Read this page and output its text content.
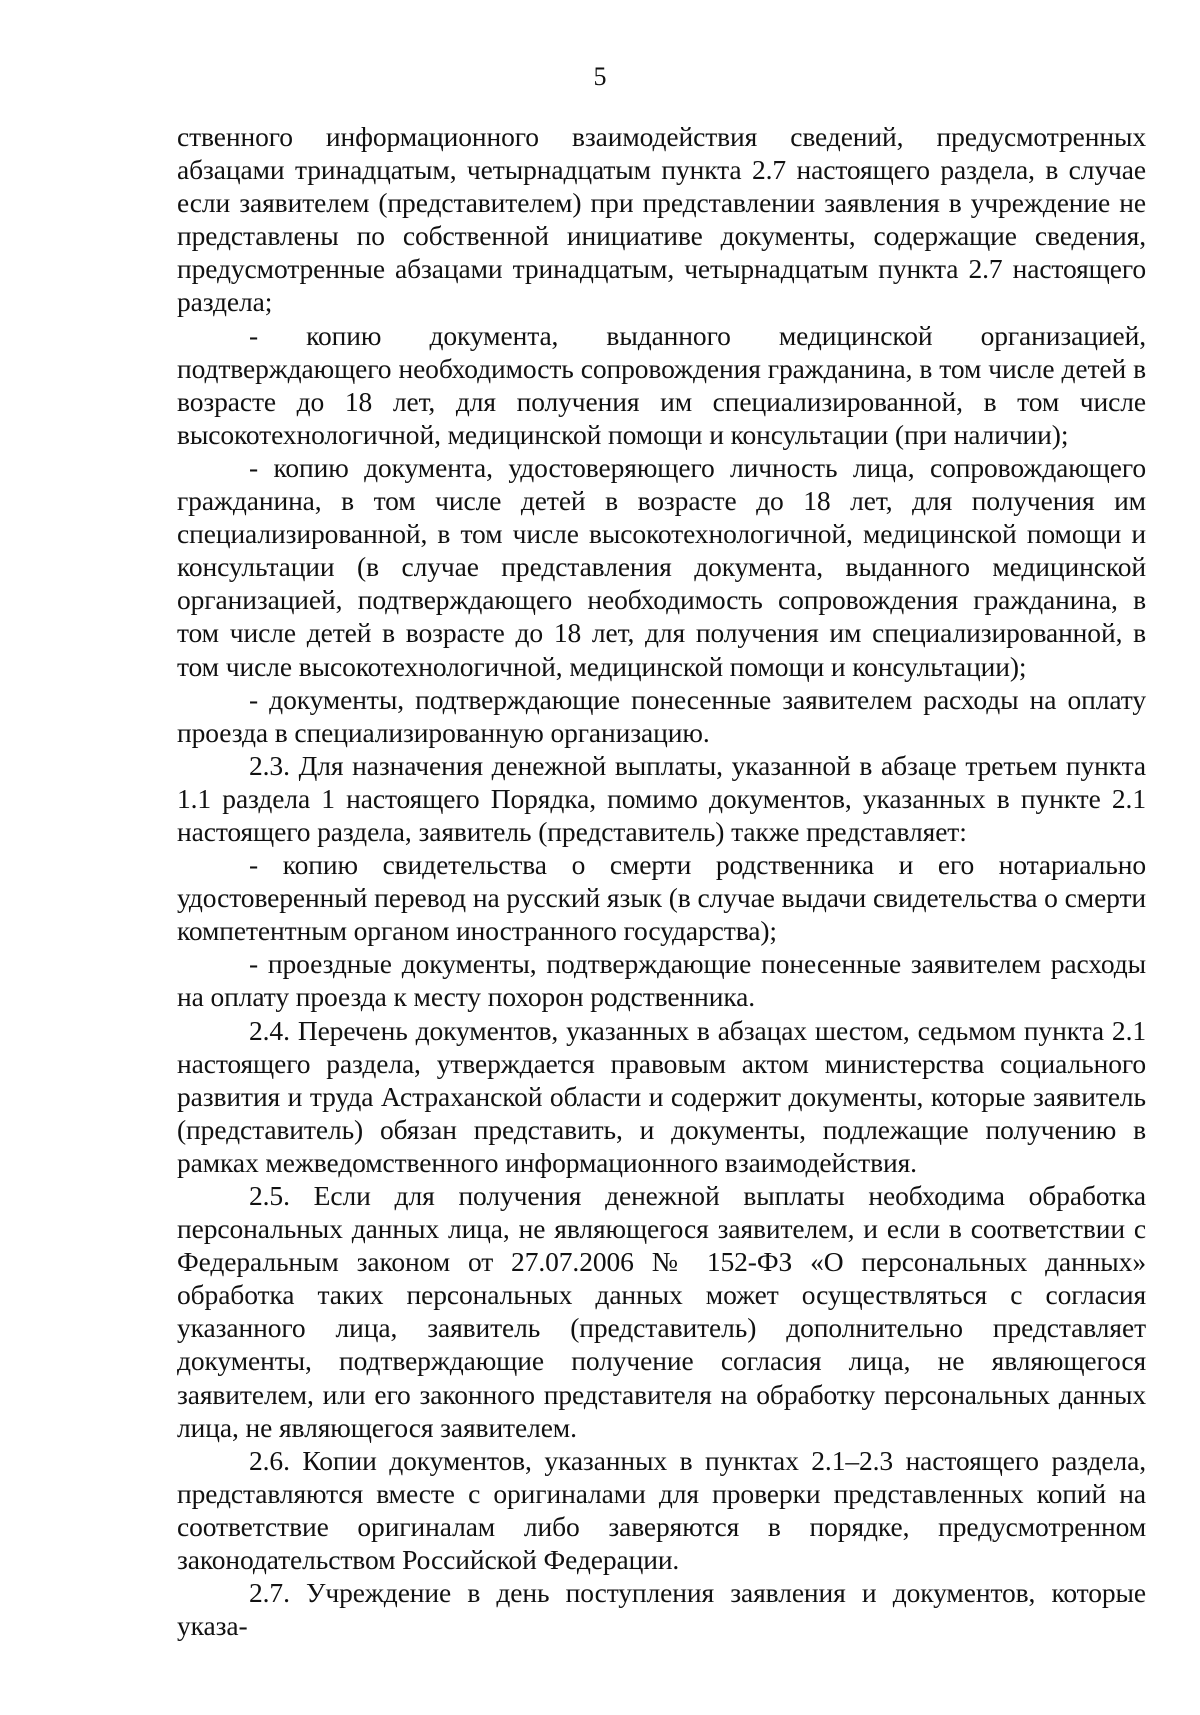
5

ственного информационного взаимодействия сведений, предусмотренных абзацами тринадцатым, четырнадцатым пункта 2.7 настоящего раздела, в случае если заявителем (представителем) при представлении заявления в учреждение не представлены по собственной инициативе документы, содержащие сведения, предусмотренные абзацами тринадцатым, четырнадцатым пункта 2.7 настоящего раздела;

- копию документа, выданного медицинской организацией, подтверждающего необходимость сопровождения гражданина, в том числе детей в возрасте до 18 лет, для получения им специализированной, в том числе высокотехнологичной, медицинской помощи и консультации (при наличии);

- копию документа, удостоверяющего личность лица, сопровождающего гражданина, в том числе детей в возрасте до 18 лет, для получения им специализированной, в том числе высокотехнологичной, медицинской помощи и консультации (в случае представления документа, выданного медицинской организацией, подтверждающего необходимость сопровождения гражданина, в том числе детей в возрасте до 18 лет, для получения им специализированной, в том числе высокотехнологичной, медицинской помощи и консультации);

- документы, подтверждающие понесенные заявителем расходы на оплату проезда в специализированную организацию.

2.3. Для назначения денежной выплаты, указанной в абзаце третьем пункта 1.1 раздела 1 настоящего Порядка, помимо документов, указанных в пункте 2.1 настоящего раздела, заявитель (представитель) также представляет:

- копию свидетельства о смерти родственника и его нотариально удостоверенный перевод на русский язык (в случае выдачи свидетельства о смерти компетентным органом иностранного государства);

- проездные документы, подтверждающие понесенные заявителем расходы на оплату проезда к месту похорон родственника.

2.4. Перечень документов, указанных в абзацах шестом, седьмом пункта 2.1 настоящего раздела, утверждается правовым актом министерства социального развития и труда Астраханской области и содержит документы, которые заявитель (представитель) обязан представить, и документы, подлежащие получению в рамках межведомственного информационного взаимодействия.

2.5. Если для получения денежной выплаты необходима обработка персональных данных лица, не являющегося заявителем, и если в соответствии с Федеральным законом от 27.07.2006 № 152-ФЗ «О персональных данных» обработка таких персональных данных может осуществляться с согласия указанного лица, заявитель (представитель) дополнительно представляет документы, подтверждающие получение согласия лица, не являющегося заявителем, или его законного представителя на обработку персональных данных лица, не являющегося заявителем.

2.6. Копии документов, указанных в пунктах 2.1–2.3 настоящего раздела, представляются вместе с оригиналами для проверки представленных копий на соответствие оригиналам либо заверяются в порядке, предусмотренном законодательством Российской Федерации.

2.7. Учреждение в день поступления заявления и документов, которые указа-
